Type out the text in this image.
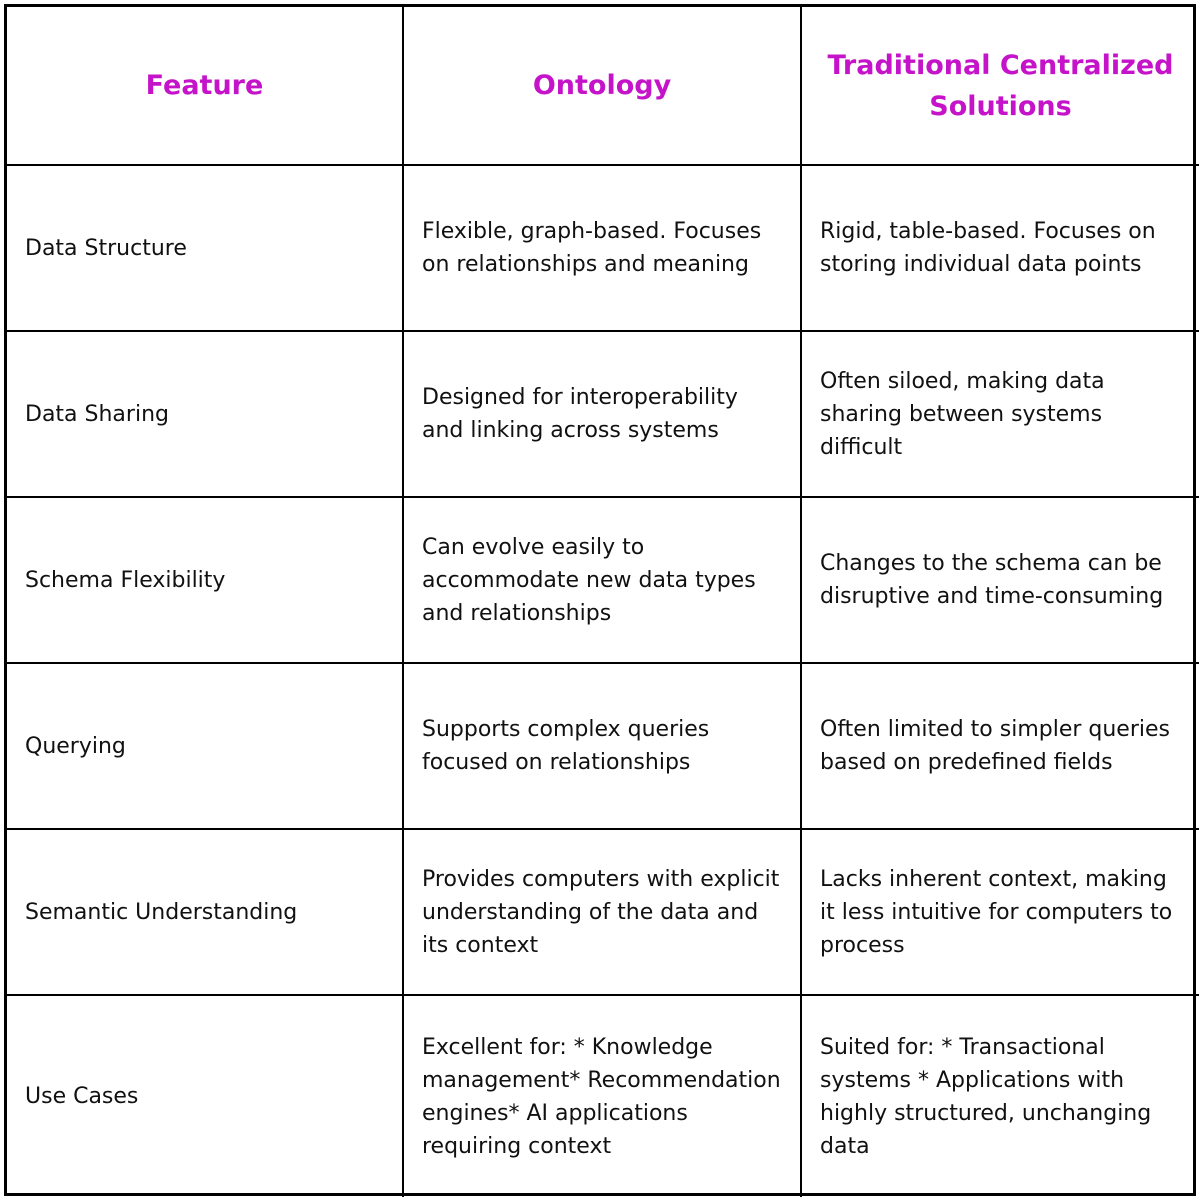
Feature	Ontology	Traditional Centralized Solutions
Data Structure	Flexible, graph-based. Focuses on relationships and meaning	Rigid, table-based. Focuses on storing individual data points
Data Sharing	Designed for interoperability and linking across systems	Often siloed, making data sharing between systems difficult
Schema Flexibility	Can evolve easily to accommodate new data types and relationships	Changes to the schema can be disruptive and time-consuming
Querying	Supports complex queries focused on relationships	Often limited to simpler queries based on predefined fields
Semantic Understanding	Provides computers with explicit understanding of the data and its context	Lacks inherent context, making it less intuitive for computers to process
Use Cases	Excellent for: * Knowledge management* Recommendation engines* AI applications requiring context	Suited for: * Transactional systems * Applications with highly structured, unchanging data
